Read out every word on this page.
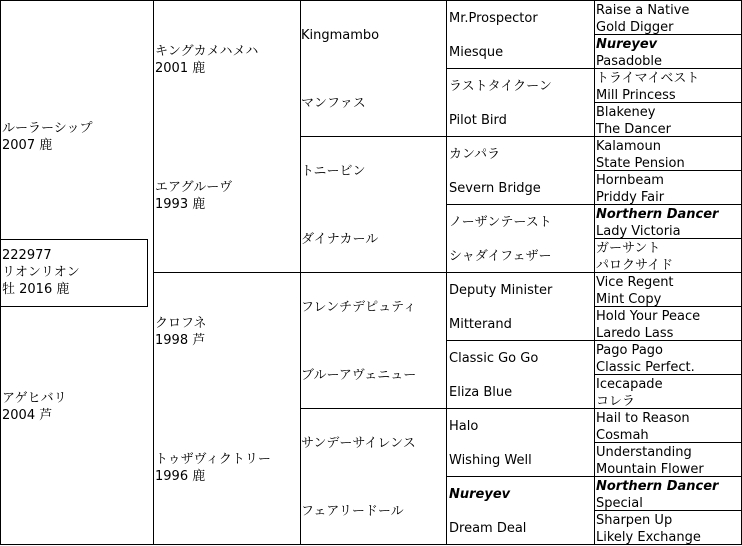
222977
リオンリオン
牡 2016 鹿
ルーラーシップ
2007 鹿
アゲヒバリ
2004 芦
キングカメハメハ
2001 鹿
エアグルーヴ
1993 鹿
クロフネ
1998 芦
トゥザヴィクトリー
1996 鹿
Kingmambo
マンファス
トニービン
ダイナカール
フレンチデピュティ
ブルーアヴェニュー
サンデーサイレンス
フェアリードール
Mr.Prospector
Miesque
ラストタイクーン
Pilot Bird
カンパラ
Severn Bridge
ノーザンテースト
シャダイフェザー
Deputy Minister
Mitterand
Classic Go Go
Eliza Blue
Halo
Wishing Well
Nureyev
Dream Deal
Raise a Native
Gold Digger
Nureyev
Pasadoble
トライマイベスト
Mill Princess
Blakeney
The Dancer
Kalamoun
State Pension
Hornbeam
Priddy Fair
Northern Dancer
Lady Victoria
ガーサント
パロクサイド
Vice Regent
Mint Copy
Hold Your Peace
Laredo Lass
Pago Pago
Classic Perfect.
Icecapade
コレラ
Hail to Reason
Cosmah
Understanding
Mountain Flower
Northern Dancer
Special
Sharpen Up
Likely Exchange
